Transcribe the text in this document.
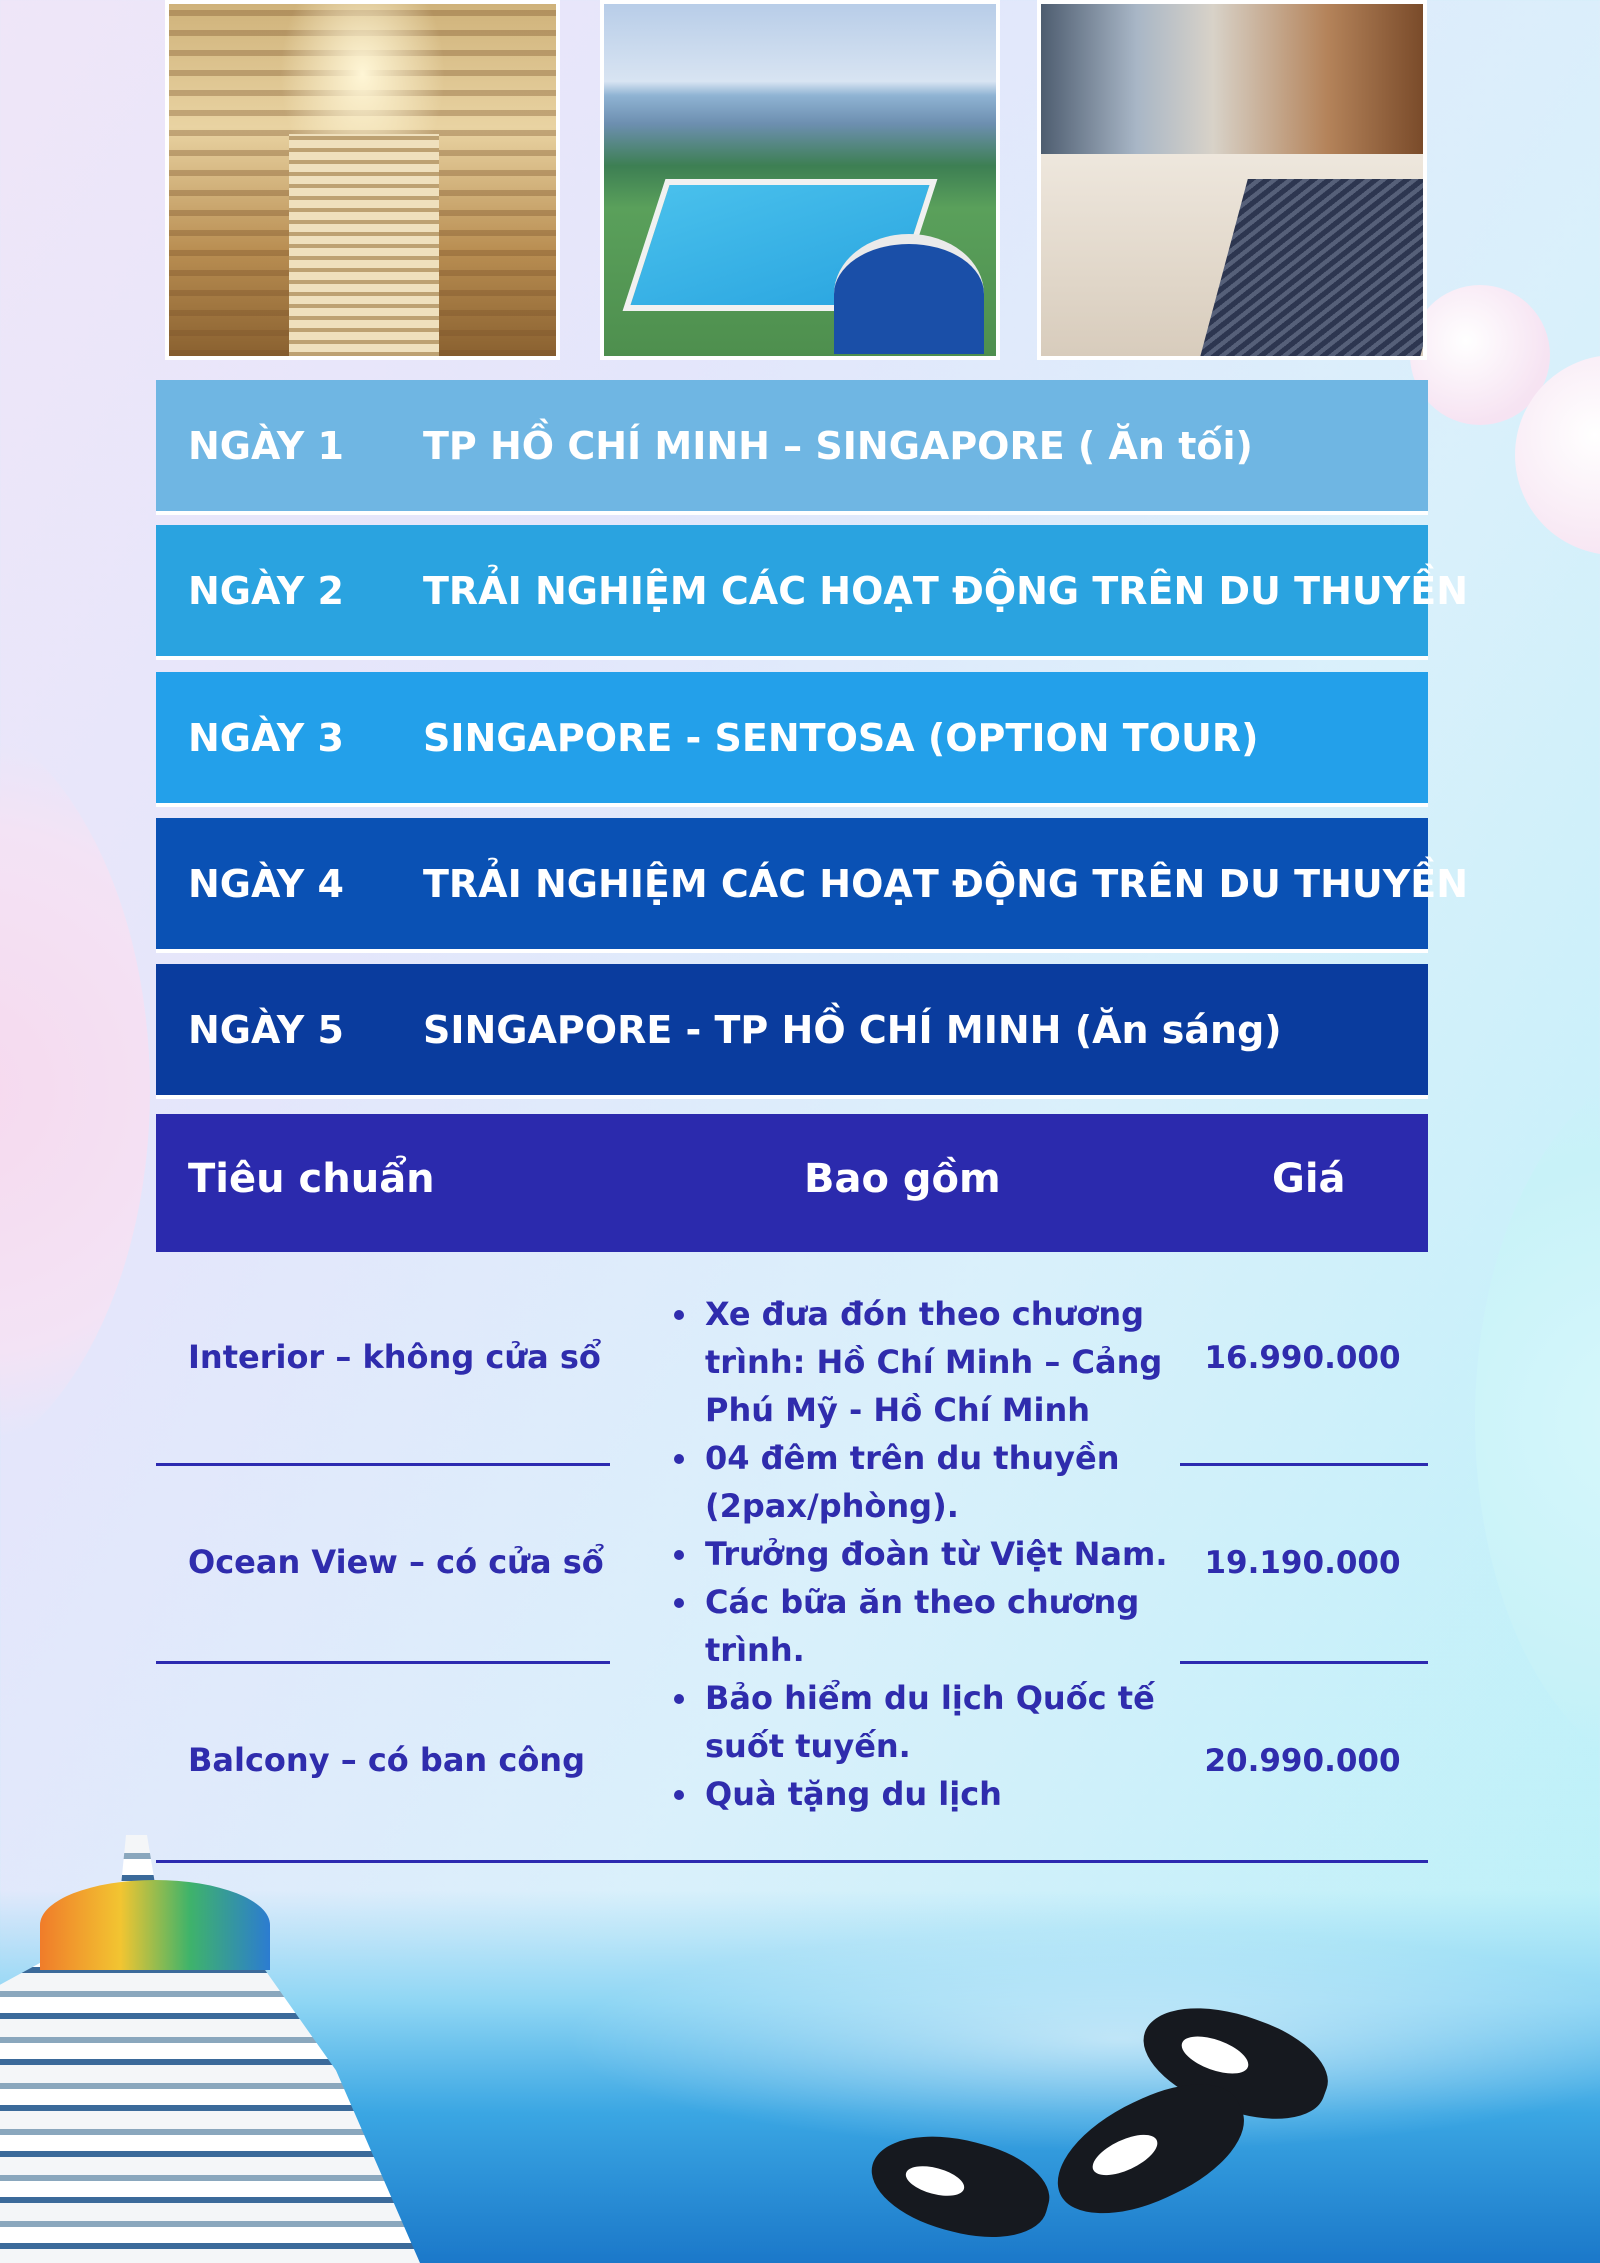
NGÀY 1 TP HỒ CHÍ MINH – SINGAPORE ( Ăn tối)
NGÀY 2 TRẢI NGHIỆM CÁC HOẠT ĐỘNG TRÊN DU THUYỀN
NGÀY 3 SINGAPORE - SENTOSA (OPTION TOUR)
NGÀY 4 TRẢI NGHIỆM CÁC HOẠT ĐỘNG TRÊN DU THUYỀN
NGÀY 5 SINGAPORE - TP HỒ CHÍ MINH (Ăn sáng)
Tiêu chuẩn	Bao gồm	Giá
Interior – không cửa sổ
Ocean View – có cửa sổ
Balcony – có ban công
16.990.000
19.190.000
20.990.000
• Xe đưa đón theo chương trình: Hồ Chí Minh – Cảng Phú Mỹ - Hồ Chí Minh
• 04 đêm trên du thuyền (2pax/phòng).
• Trưởng đoàn từ Việt Nam.
• Các bữa ăn theo chương trình.
• Bảo hiểm du lịch Quốc tế suốt tuyến.
• Quà tặng du lịch
